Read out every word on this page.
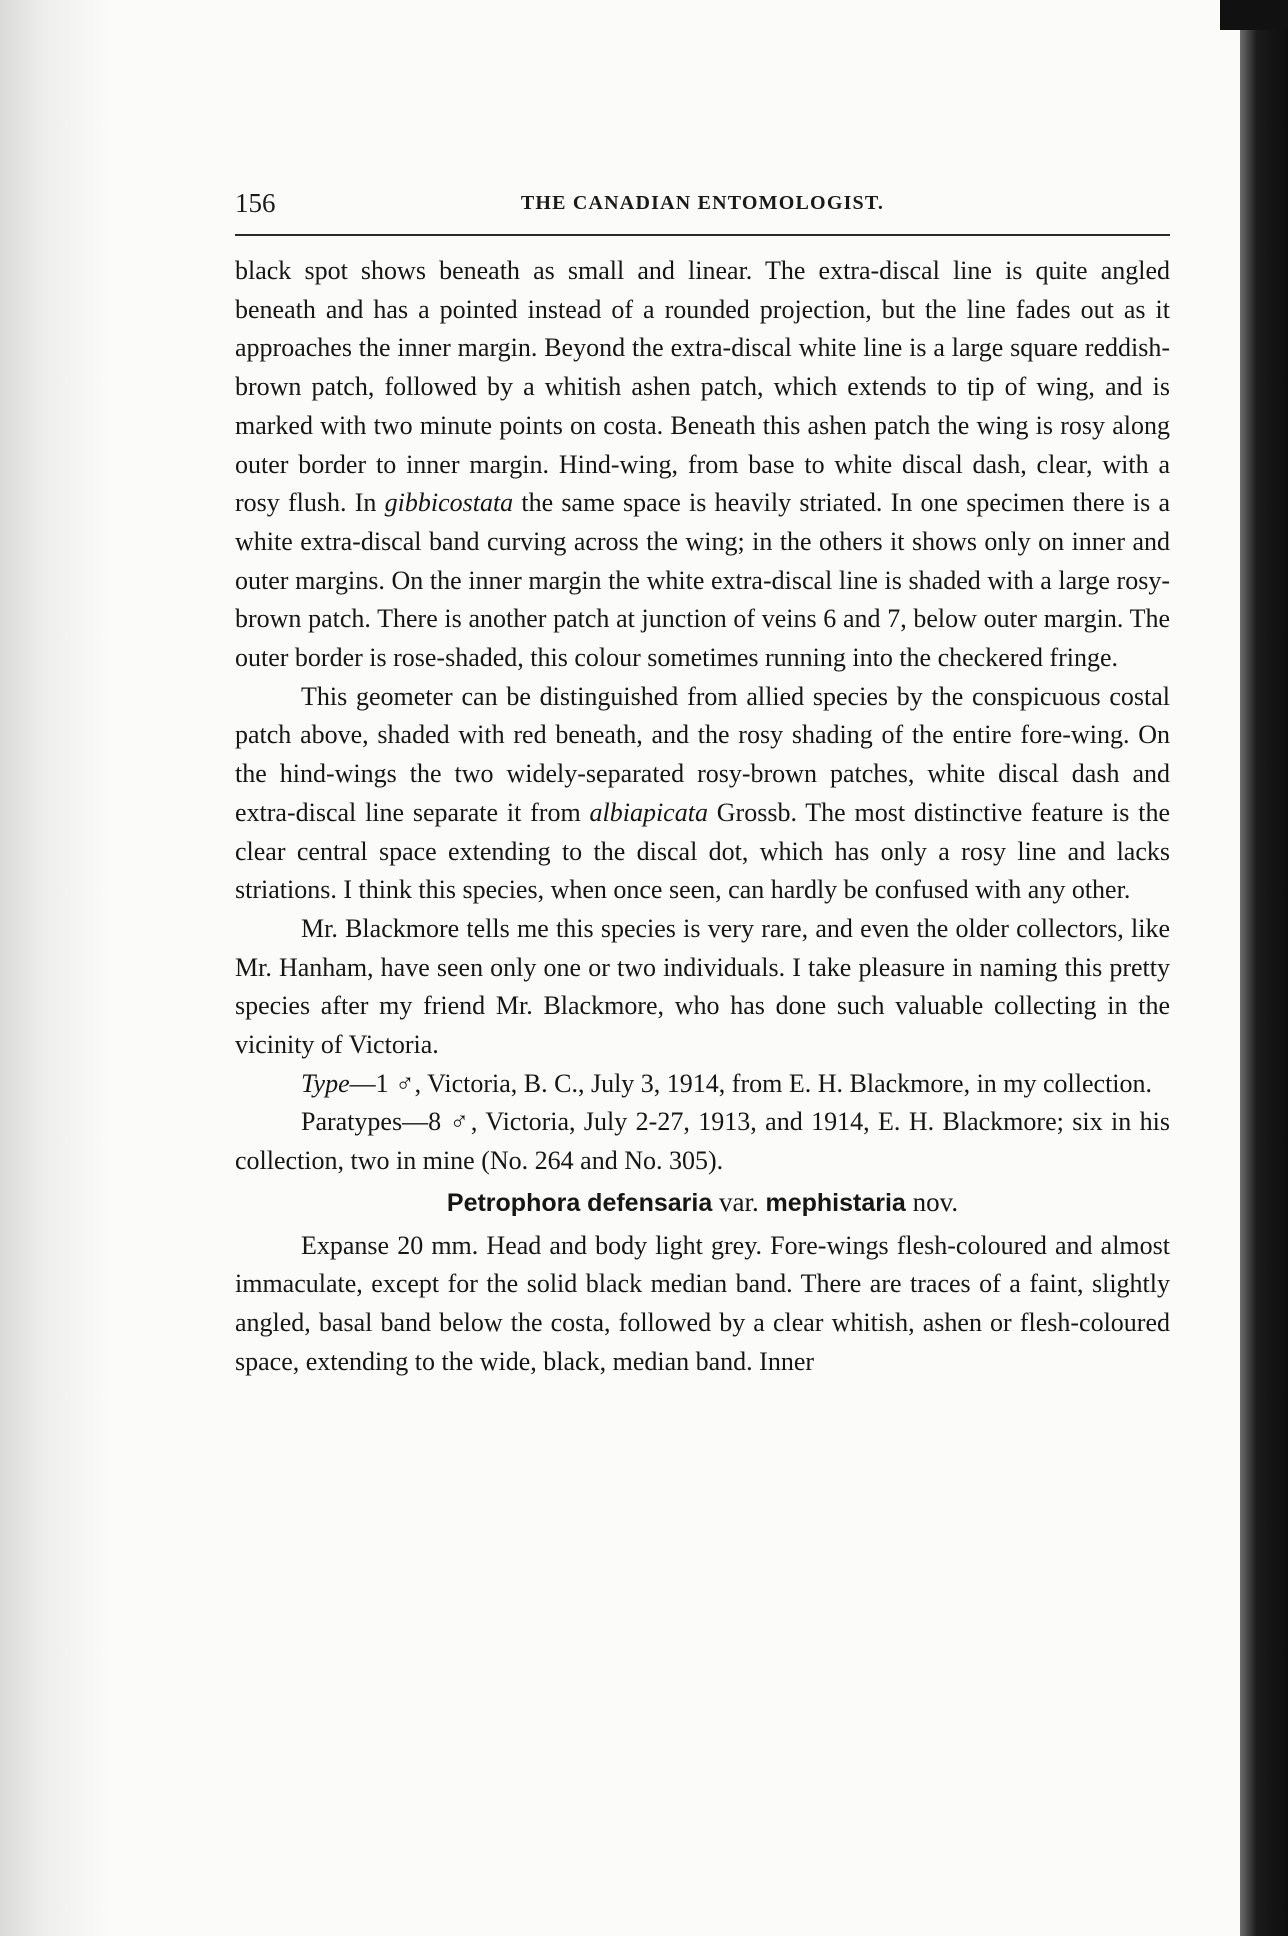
156	THE CANADIAN ENTOMOLOGIST.

black spot shows beneath as small and linear. The extra-discal line is quite angled beneath and has a pointed instead of a rounded projection, but the line fades out as it approaches the inner margin. Beyond the extra-discal white line is a large square reddish-brown patch, followed by a whitish ashen patch, which extends to tip of wing, and is marked with two minute points on costa. Beneath this ashen patch the wing is rosy along outer border to inner margin. Hind-wing, from base to white discal dash, clear, with a rosy flush. In gibbicostata the same space is heavily striated. In one specimen there is a white extra-discal band curving across the wing; in the others it shows only on inner and outer margins. On the inner margin the white extra-discal line is shaded with a large rosy-brown patch. There is another patch at junction of veins 6 and 7, below outer margin. The outer border is rose-shaded, this colour sometimes running into the checkered fringe.

This geometer can be distinguished from allied species by the conspicuous costal patch above, shaded with red beneath, and the rosy shading of the entire fore-wing. On the hind-wings the two widely-separated rosy-brown patches, white discal dash and extra-discal line separate it from albiapicata Grossb. The most distinctive feature is the clear central space extending to the discal dot, which has only a rosy line and lacks striations. I think this species, when once seen, can hardly be confused with any other.

Mr. Blackmore tells me this species is very rare, and even the older collectors, like Mr. Hanham, have seen only one or two individuals. I take pleasure in naming this pretty species after my friend Mr. Blackmore, who has done such valuable collecting in the vicinity of Victoria.

Type—1 ♂, Victoria, B. C., July 3, 1914, from E. H. Blackmore, in my collection.

Paratypes—8 ♂, Victoria, July 2-27, 1913, and 1914, E. H. Blackmore; six in his collection, two in mine (No. 264 and No. 305).

Petrophora defensaria var. mephistaria nov.

Expanse 20 mm. Head and body light grey. Fore-wings flesh-coloured and almost immaculate, except for the solid black median band. There are traces of a faint, slightly angled, basal band below the costa, followed by a clear whitish, ashen or flesh-coloured space, extending to the wide, black, median band. Inner
